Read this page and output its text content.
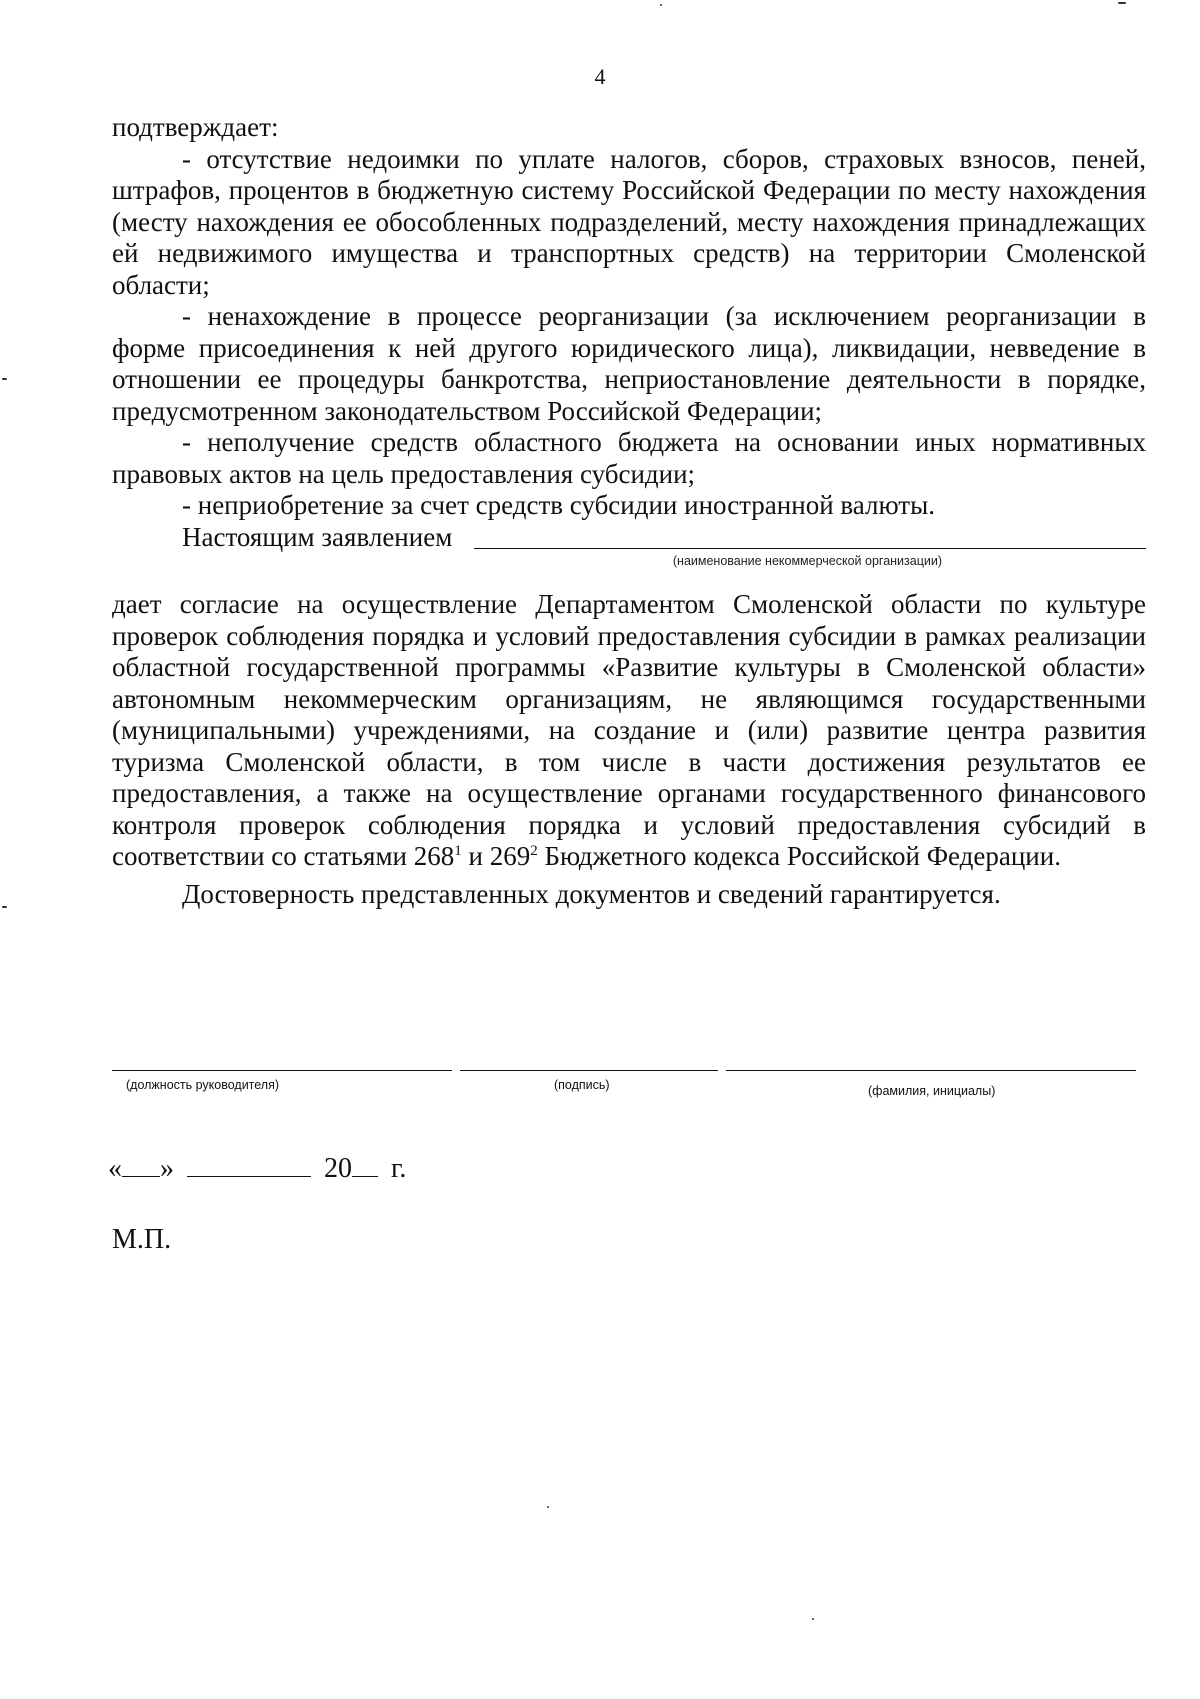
4

подтверждает:

- отсутствие недоимки по уплате налогов, сборов, страховых взносов, пеней, штрафов, процентов в бюджетную систему Российской Федерации по месту нахождения (месту нахождения ее обособленных подразделений, месту нахождения принадлежащих ей недвижимого имущества и транспортных средств) на территории Смоленской области;

- ненахождение в процессе реорганизации (за исключением реорганизации в форме присоединения к ней другого юридического лица), ликвидации, невведение в отношении ее процедуры банкротства, неприостановление деятельности в порядке, предусмотренном законодательством Российской Федерации;

- неполучение средств областного бюджета на основании иных нормативных правовых актов на цель предоставления субсидии;

- неприобретение за счет средств субсидии иностранной валюты.

Настоящим заявлением
(наименование некоммерческой организации)

дает согласие на осуществление Департаментом Смоленской области по культуре проверок соблюдения порядка и условий предоставления субсидии в рамках реализации областной государственной программы «Развитие культуры в Смоленской области» автономным некоммерческим организациям, не являющимся государственными (муниципальными) учреждениями, на создание и (или) развитие центра развития туризма Смоленской области, в том числе в части достижения результатов ее предоставления, а также на осуществление органами государственного финансового контроля проверок соблюдения порядка и условий предоставления субсидий в соответствии со статьями $268^1$ и $269^2$ Бюджетного кодекса Российской Федерации.

Достоверность представленных документов и сведений гарантируется.

(должность руководителя)	(подпись)	(фамилия, инициалы)
« »	20 г.
М.П.
